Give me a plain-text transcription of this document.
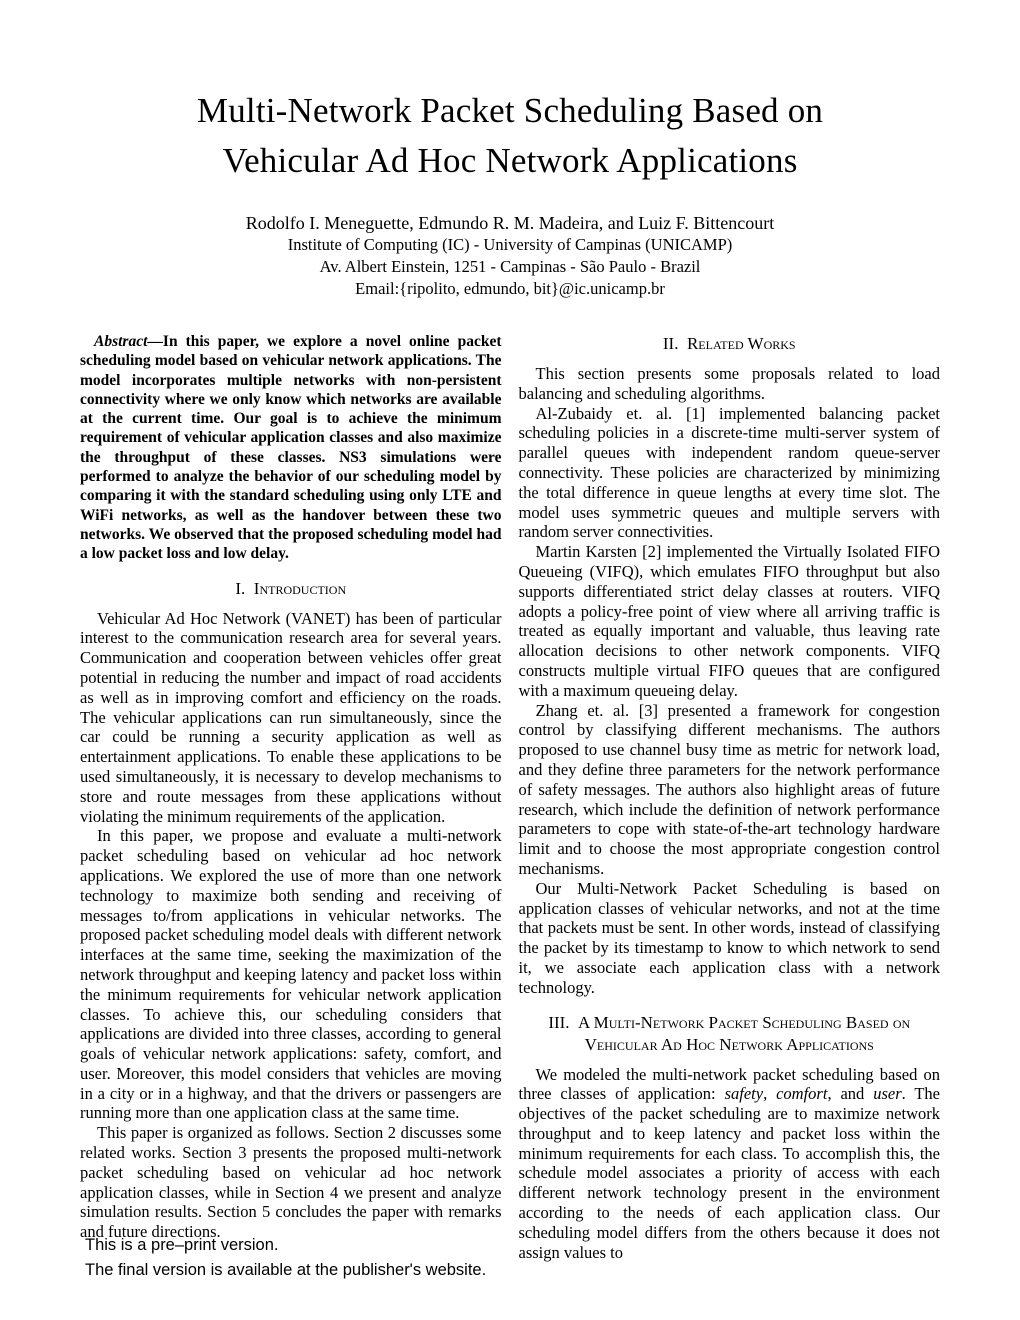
Multi-Network Packet Scheduling Based on
Vehicular Ad Hoc Network Applications
Rodolfo I. Meneguette, Edmundo R. M. Madeira, and Luiz F. Bittencourt
Institute of Computing (IC) - University of Campinas (UNICAMP)
Av. Albert Einstein, 1251 - Campinas - São Paulo - Brazil
Email:{ripolito, edmundo, bit}@ic.unicamp.br

Abstract—In this paper, we explore a novel online packet scheduling model based on vehicular network applications. The model incorporates multiple networks with non-persistent connectivity where we only know which networks are available at the current time. Our goal is to achieve the minimum requirement of vehicular application classes and also maximize the throughput of these classes. NS3 simulations were performed to analyze the behavior of our scheduling model by comparing it with the standard scheduling using only LTE and WiFi networks, as well as the handover between these two networks. We observed that the proposed scheduling model had a low packet loss and low delay.

I. Introduction

Vehicular Ad Hoc Network (VANET) has been of particular interest to the communication research area for several years. Communication and cooperation between vehicles offer great potential in reducing the number and impact of road accidents as well as in improving comfort and efficiency on the roads. The vehicular applications can run simultaneously, since the car could be running a security application as well as entertainment applications. To enable these applications to be used simultaneously, it is necessary to develop mechanisms to store and route messages from these applications without violating the minimum requirements of the application.

In this paper, we propose and evaluate a multi-network packet scheduling based on vehicular ad hoc network applications. We explored the use of more than one network technology to maximize both sending and receiving of messages to/from applications in vehicular networks. The proposed packet scheduling model deals with different network interfaces at the same time, seeking the maximization of the network throughput and keeping latency and packet loss within the minimum requirements for vehicular network application classes. To achieve this, our scheduling considers that applications are divided into three classes, according to general goals of vehicular network applications: safety, comfort, and user. Moreover, this model considers that vehicles are moving in a city or in a highway, and that the drivers or passengers are running more than one application class at the same time.

This paper is organized as follows. Section 2 discusses some related works. Section 3 presents the proposed multi-network packet scheduling based on vehicular ad hoc network application classes, while in Section 4 we present and analyze simulation results. Section 5 concludes the paper with remarks and future directions.

II. Related Works

This section presents some proposals related to load balancing and scheduling algorithms.

Al-Zubaidy et. al. [1] implemented balancing packet scheduling policies in a discrete-time multi-server system of parallel queues with independent random queue-server connectivity. These policies are characterized by minimizing the total difference in queue lengths at every time slot. The model uses symmetric queues and multiple servers with random server connectivities.

Martin Karsten [2] implemented the Virtually Isolated FIFO Queueing (VIFQ), which emulates FIFO throughput but also supports differentiated strict delay classes at routers. VIFQ adopts a policy-free point of view where all arriving traffic is treated as equally important and valuable, thus leaving rate allocation decisions to other network components. VIFQ constructs multiple virtual FIFO queues that are configured with a maximum queueing delay.

Zhang et. al. [3] presented a framework for congestion control by classifying different mechanisms. The authors proposed to use channel busy time as metric for network load, and they define three parameters for the network performance of safety messages. The authors also highlight areas of future research, which include the definition of network performance parameters to cope with state-of-the-art technology hardware limit and to choose the most appropriate congestion control mechanisms.

Our Multi-Network Packet Scheduling is based on application classes of vehicular networks, and not at the time that packets must be sent. In other words, instead of classifying the packet by its timestamp to know to which network to send it, we associate each application class with a network technology.

III. A Multi-Network Packet Scheduling Based on Vehicular Ad Hoc Network Applications

We modeled the multi-network packet scheduling based on three classes of application: safety, comfort, and user. The objectives of the packet scheduling are to maximize network throughput and to keep latency and packet loss within the minimum requirements for each class. To accomplish this, the schedule model associates a priority of access with each different network technology present in the environment according to the needs of each application class. Our scheduling model differs from the others because it does not assign values to

This is a pre–print version.
The final version is available at the publisher's website.
